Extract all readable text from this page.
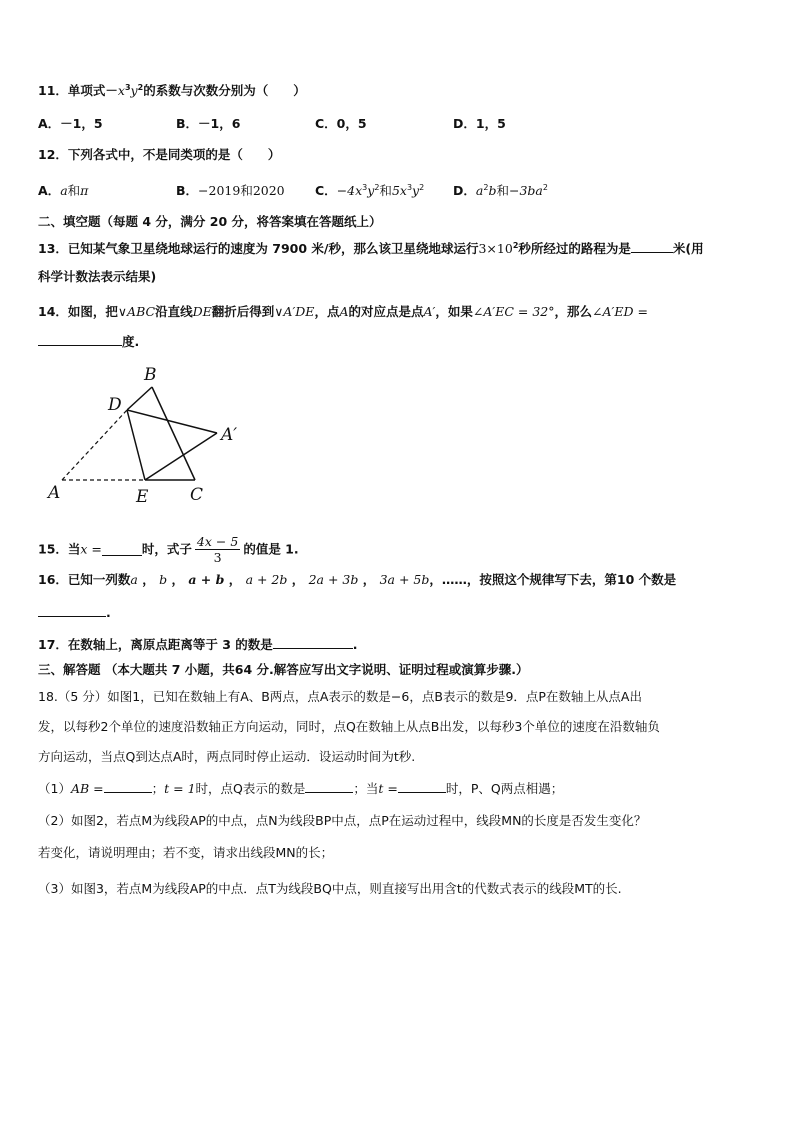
11．单项式$-x^3y^2$的系数与次数分别为（　　）
A．－1，5	B．－1，6	C．0，5	D．1，5
12．下列各式中，不是同类项的是（　　）
A．a和π	B．−2019和2020 C．$-4x^3y^2$和$5x^3y^2$ D．$a^2b$和$-3ba^2$
二、填空题（每题 4 分，满分 20 分，将答案填在答题纸上）
13．已知某气象卫星绕地球运行的速度为 7900 米/秒，那么该卫星绕地球运行$3\times 10^2$秒所经过的路程为是	米(用
科学计数法表示结果)
14．如图，把∨ABC沿直线DE翻折后得到∨A′DE，点A的对应点是点A′，如果∠A′EC = 32°，那么∠A′ED =
度.
B
D
A′
A	E C
15．当x =	时，式子 $\frac{4x - 5}{3}$ 的值是 1.
16．已知一列数a ， b ， a + b ， a + 2b ， 2a + 3b ， 3a + 5b，……，按照这个规律写下去，第10 个数是
.
17．在数轴上，离原点距离等于 3 的数是	.
三、解答题 （本大题共 7 小题，共64 分.解答应写出文字说明、证明过程或演算步骤.）
18.（5 分）如图1，已知在数轴上有A、B两点，点A表示的数是−6，点B表示的数是9．点P在数轴上从点A出
发，以每秒2个单位的速度沿数轴正方向运动，同时，点Q在数轴上从点B出发，以每秒3个单位的速度在沿数轴负
方向运动，当点Q到达点A时，两点同时停止运动．设运动时间为t秒.
（1）AB =	；t = 1时，点Q表示的数是	；当t =	时，P、Q两点相遇；
（2）如图2，若点M为线段AP的中点，点N为线段BP中点，点P在运动过程中，线段MN的长度是否发生变化？
若变化，请说明理由；若不变，请求出线段MN的长；
（3）如图3，若点M为线段AP的中点．点T为线段BQ中点，则直接写出用含t的代数式表示的线段MT的长.
